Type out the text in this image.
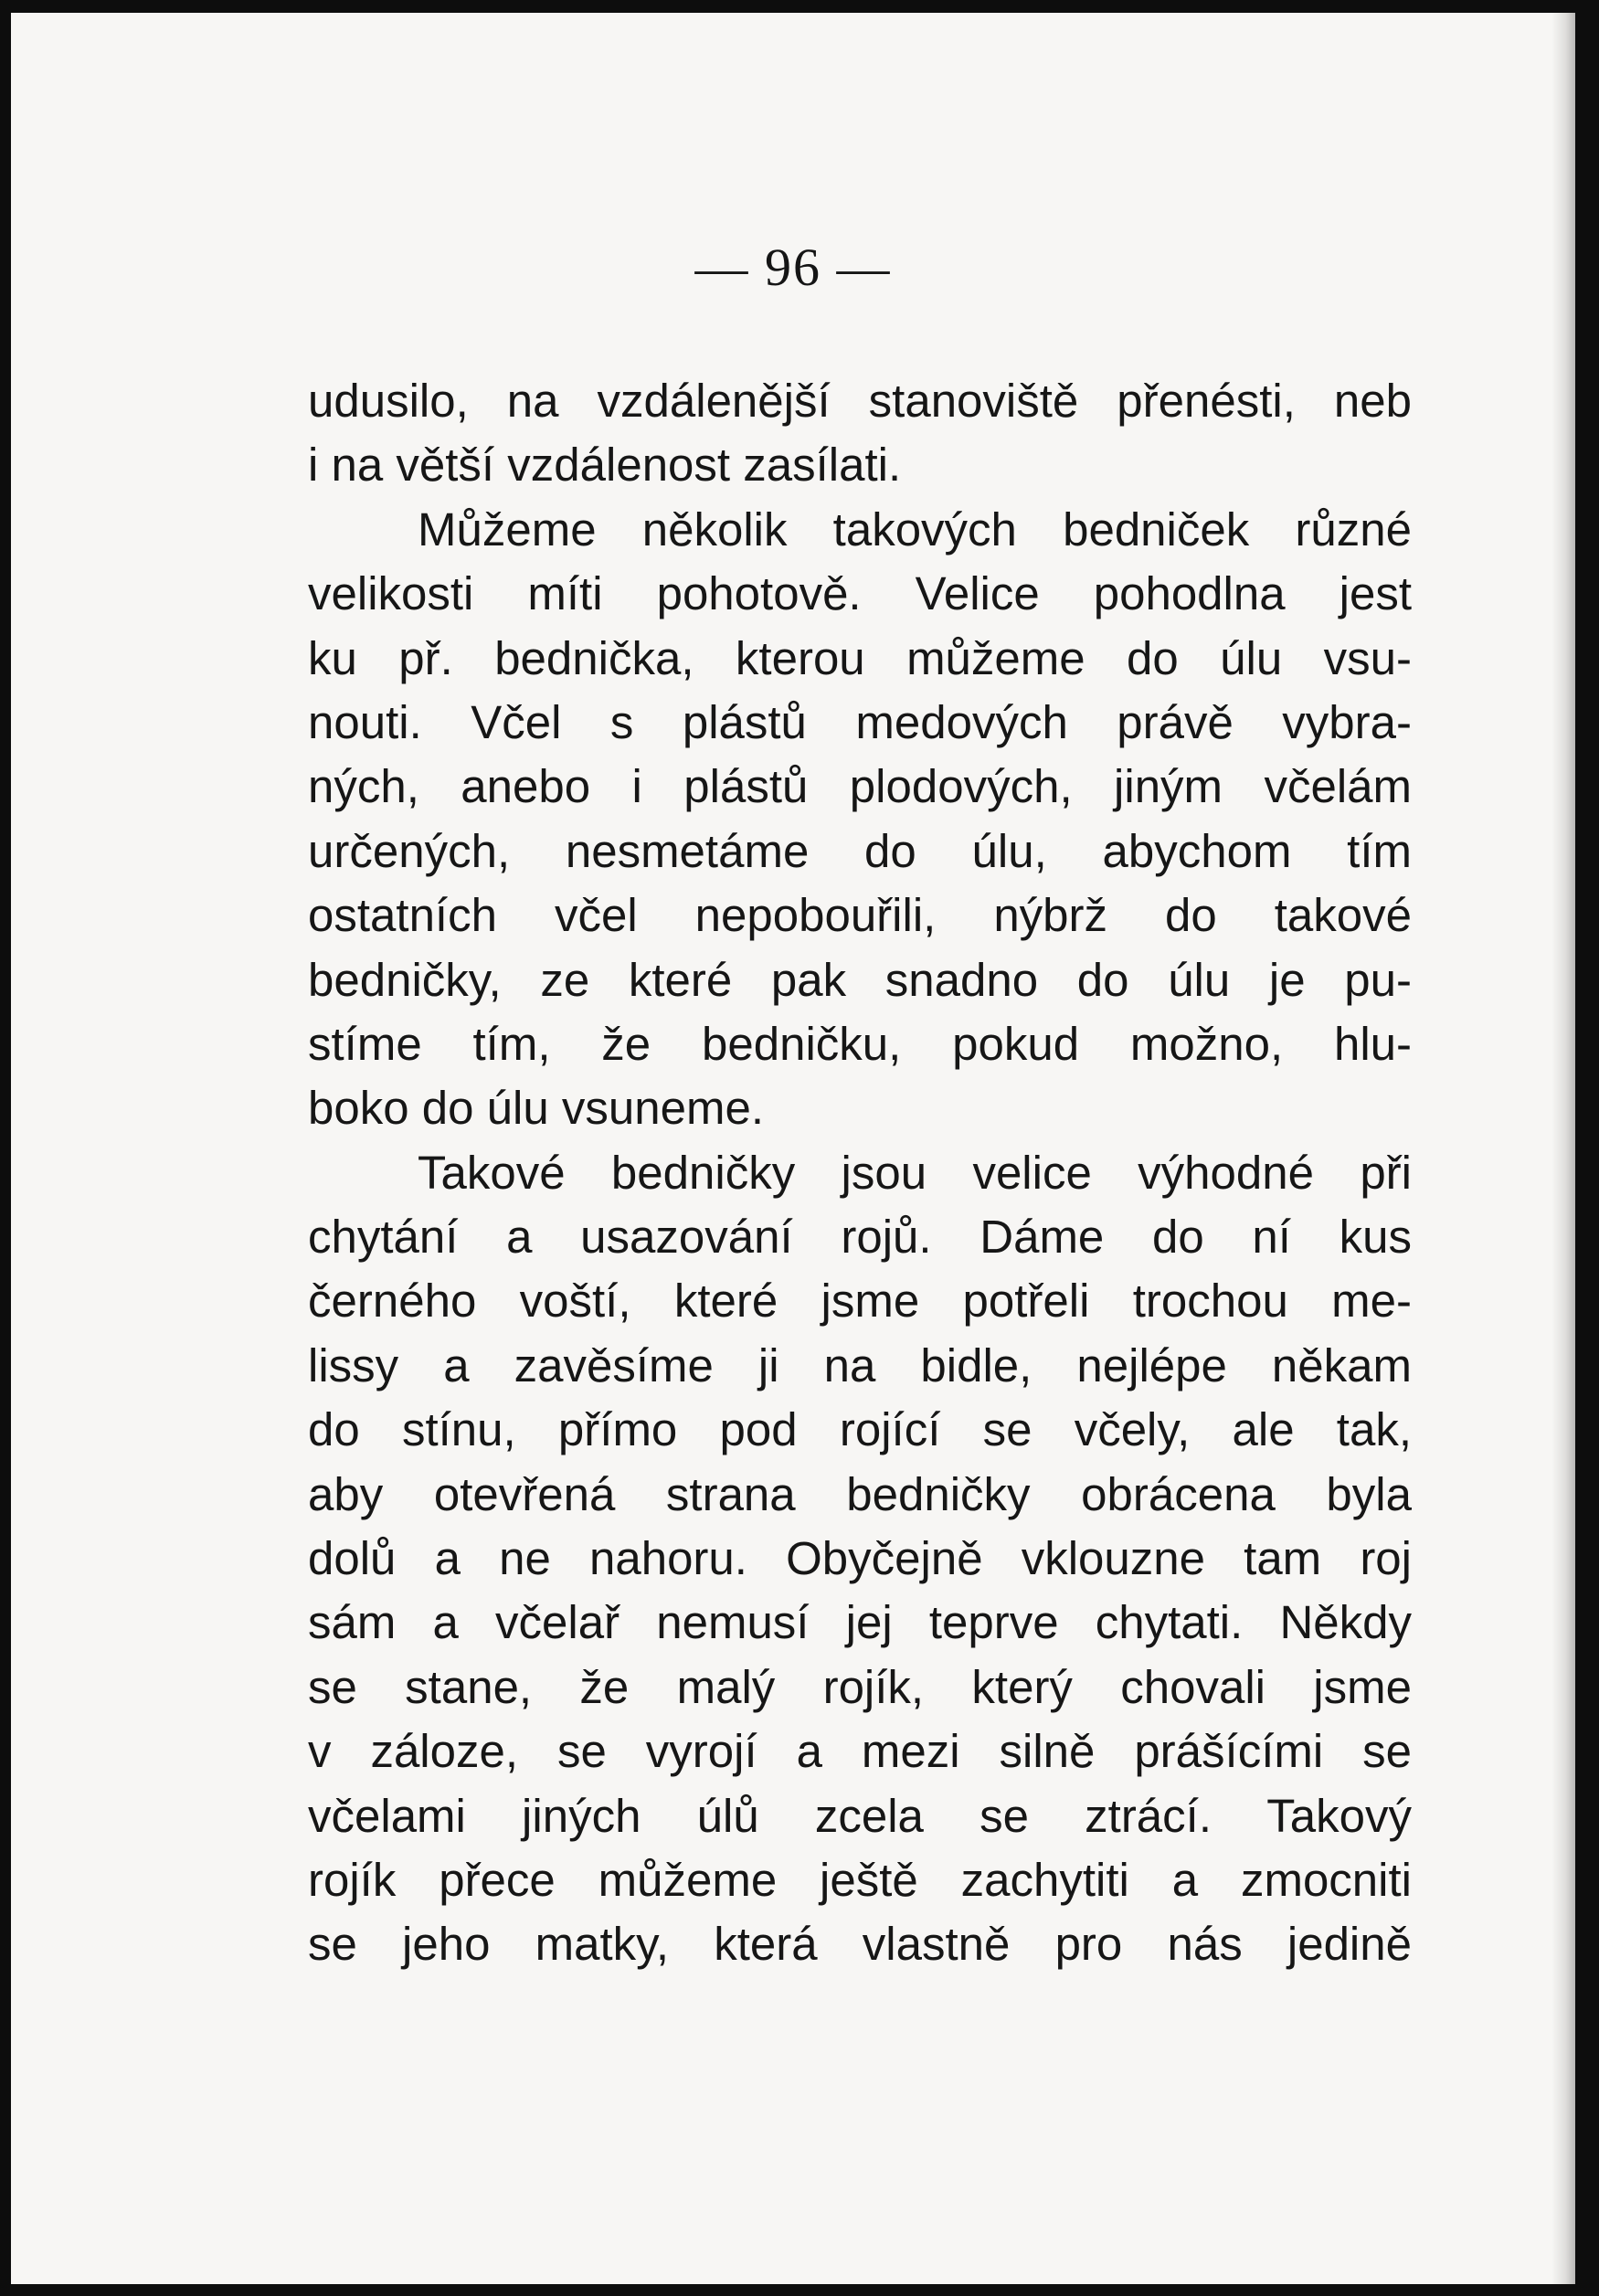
— 96 —
udusilo, na vzdálenější stanoviště přenésti, neb
i na větší vzdálenost zasílati.
Můžeme několik takových bedniček různé
velikosti míti pohotově. Velice pohodlna jest
ku př. bednička, kterou můžeme do úlu vsu-
nouti. Včel s plástů medových právě vybra-
ných, anebo i plástů plodových, jiným včelám
určených, nesmetáme do úlu, abychom tím
ostatních včel nepobouřili, nýbrž do takové
bedničky, ze které pak snadno do úlu je pu-
stíme tím, že bedničku, pokud možno, hlu-
boko do úlu vsuneme.
Takové bedničky jsou velice výhodné při
chytání a usazování rojů. Dáme do ní kus
černého voští, které jsme potřeli trochou me-
lissy a zavěsíme ji na bidle, nejlépe někam
do stínu, přímo pod rojící se včely, ale tak,
aby otevřená strana bedničky obrácena byla
dolů a ne nahoru. Obyčejně vklouzne tam roj
sám a včelař nemusí jej teprve chytati. Někdy
se stane, že malý rojík, který chovali jsme
v záloze, se vyrojí a mezi silně prášícími se
včelami jiných úlů zcela se ztrácí. Takový
rojík přece můžeme ještě zachytiti a zmocniti
se jeho matky, která vlastně pro nás jedině
